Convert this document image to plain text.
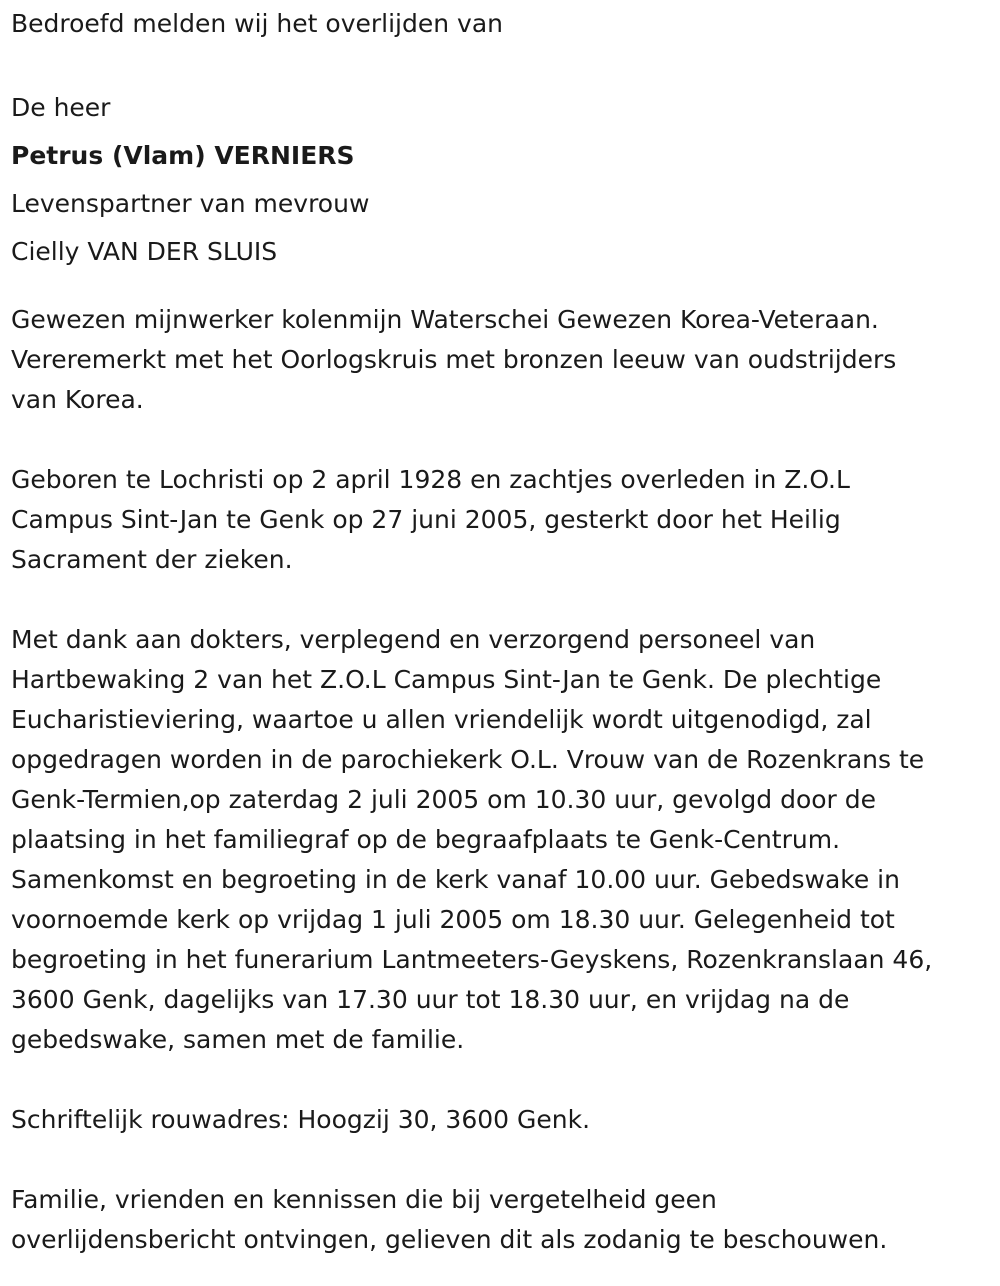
Bedroefd melden wij het overlijden van

De heer

Petrus (Vlam) VERNIERS

Levenspartner van mevrouw

Cielly VAN DER SLUIS

Gewezen mijnwerker kolenmijn Waterschei Gewezen Korea-Veteraan.

Vereremerkt met het Oorlogskruis met bronzen leeuw van oudstrijders

van Korea.

Geboren te Lochristi op 2 april 1928 en zachtjes overleden in Z.O.L

Campus Sint-Jan te Genk op 27 juni 2005, gesterkt door het Heilig

Sacrament der zieken.

Met dank aan dokters, verplegend en verzorgend personeel van

Hartbewaking 2 van het Z.O.L Campus Sint-Jan te Genk. De plechtige

Eucharistieviering, waartoe u allen vriendelijk wordt uitgenodigd, zal

opgedragen worden in de parochiekerk O.L. Vrouw van de Rozenkrans te

Genk-Termien,op zaterdag 2 juli 2005 om 10.30 uur, gevolgd door de

plaatsing in het familiegraf op de begraafplaats te Genk-Centrum.

Samenkomst en begroeting in de kerk vanaf 10.00 uur. Gebedswake in

voornoemde kerk op vrijdag 1 juli 2005 om 18.30 uur. Gelegenheid tot

begroeting in het funerarium Lantmeeters-Geyskens, Rozenkranslaan 46,

3600 Genk, dagelijks van 17.30 uur tot 18.30 uur, en vrijdag na de

gebedswake, samen met de familie.

Schriftelijk rouwadres: Hoogzij 30, 3600 Genk.

Familie, vrienden en kennissen die bij vergetelheid geen

overlijdensbericht ontvingen, gelieven dit als zodanig te beschouwen.
